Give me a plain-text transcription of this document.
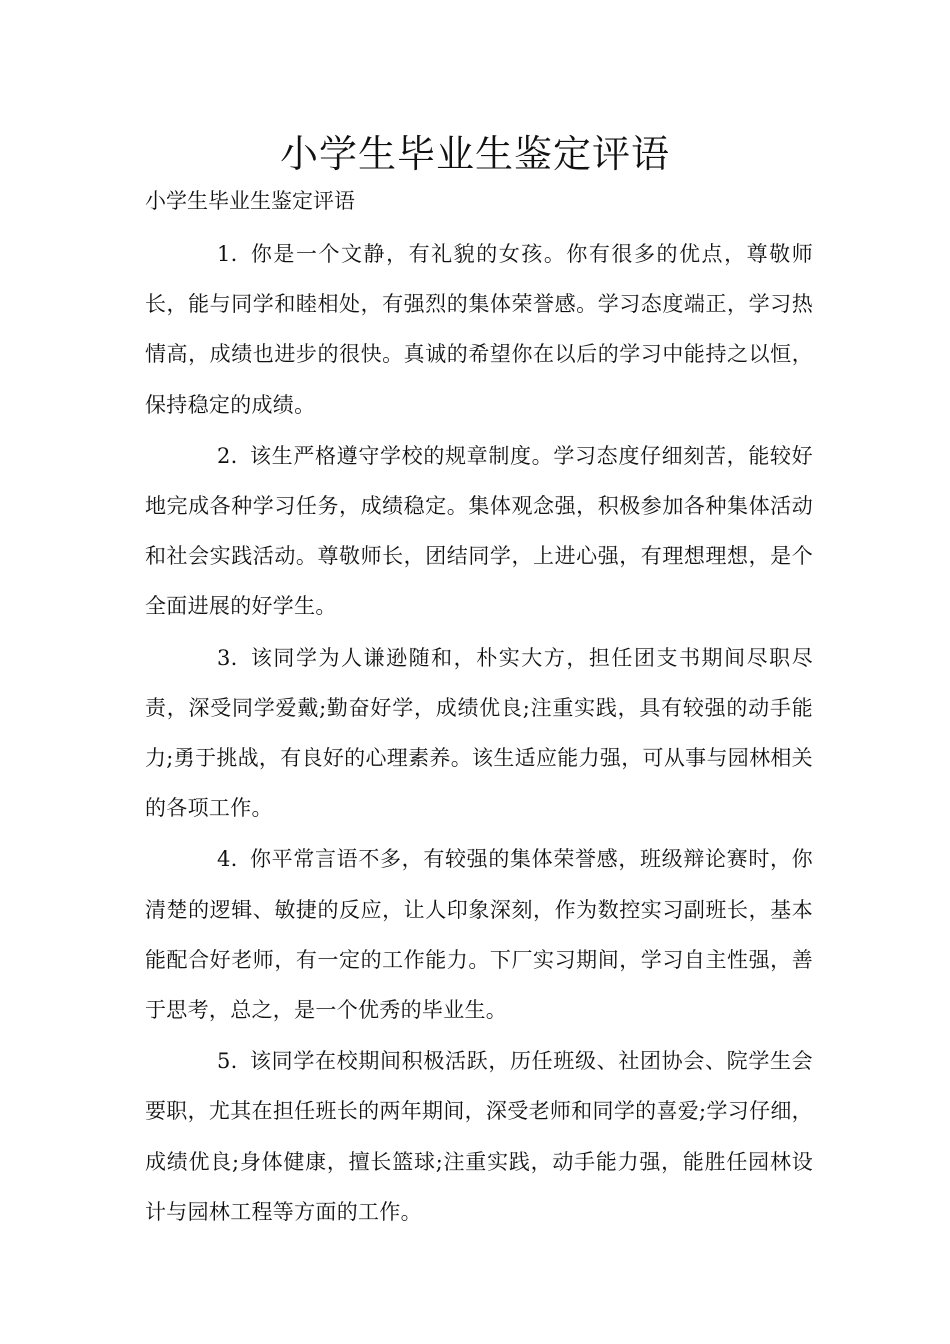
小学生毕业生鉴定评语

小学生毕业生鉴定评语

1. 你是一个文静，有礼貌的女孩。你有很多的优点，尊敬师长，能与同学和睦相处，有强烈的集体荣誉感。学习态度端正，学习热情高，成绩也进步的很快。真诚的希望你在以后的学习中能持之以恒，保持稳定的成绩。

2. 该生严格遵守学校的规章制度。学习态度仔细刻苦，能较好地完成各种学习任务，成绩稳定。集体观念强，积极参加各种集体活动和社会实践活动。尊敬师长，团结同学，上进心强，有理想理想，是个全面进展的好学生。

3. 该同学为人谦逊随和，朴实大方，担任团支书期间尽职尽责，深受同学爱戴;勤奋好学，成绩优良;注重实践，具有较强的动手能力;勇于挑战，有良好的心理素养。该生适应能力强，可从事与园林相关的各项工作。

4. 你平常言语不多，有较强的集体荣誉感，班级辩论赛时，你清楚的逻辑、敏捷的反应，让人印象深刻，作为数控实习副班长，基本能配合好老师，有一定的工作能力。下厂实习期间，学习自主性强，善于思考，总之，是一个优秀的毕业生。

5. 该同学在校期间积极活跃，历任班级、社团协会、院学生会要职，尤其在担任班长的两年期间，深受老师和同学的喜爱;学习仔细，成绩优良;身体健康，擅长篮球;注重实践，动手能力强，能胜任园林设计与园林工程等方面的工作。
